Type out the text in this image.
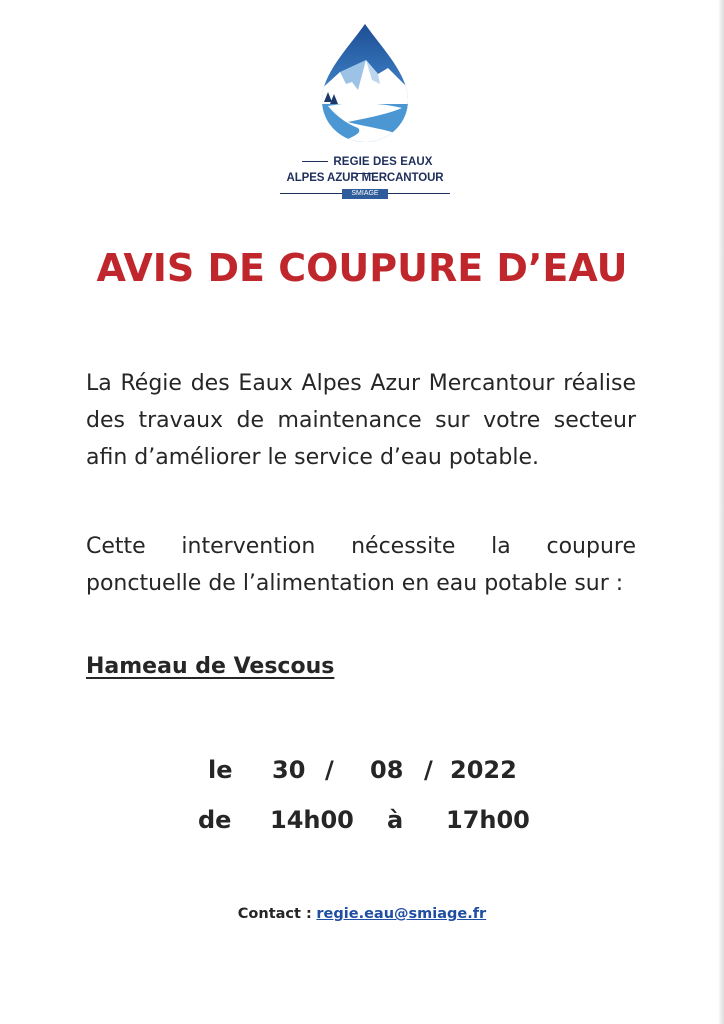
REGIE DES EAUX
ALPES AZUR MERCANTOUR
SMIAGE
AVIS DE COUPURE D’EAU

La Régie des Eaux Alpes Azur Mercantour réalise des travaux de maintenance sur votre secteur afin d’améliorer le service d’eau potable.

Cette intervention nécessite la coupure ponctuelle de l’alimentation en eau potable sur :

Hameau de Vescous
le 30 / 08 / 2022
de 14h00 à 17h00
Contact : regie.eau@smiage.fr
